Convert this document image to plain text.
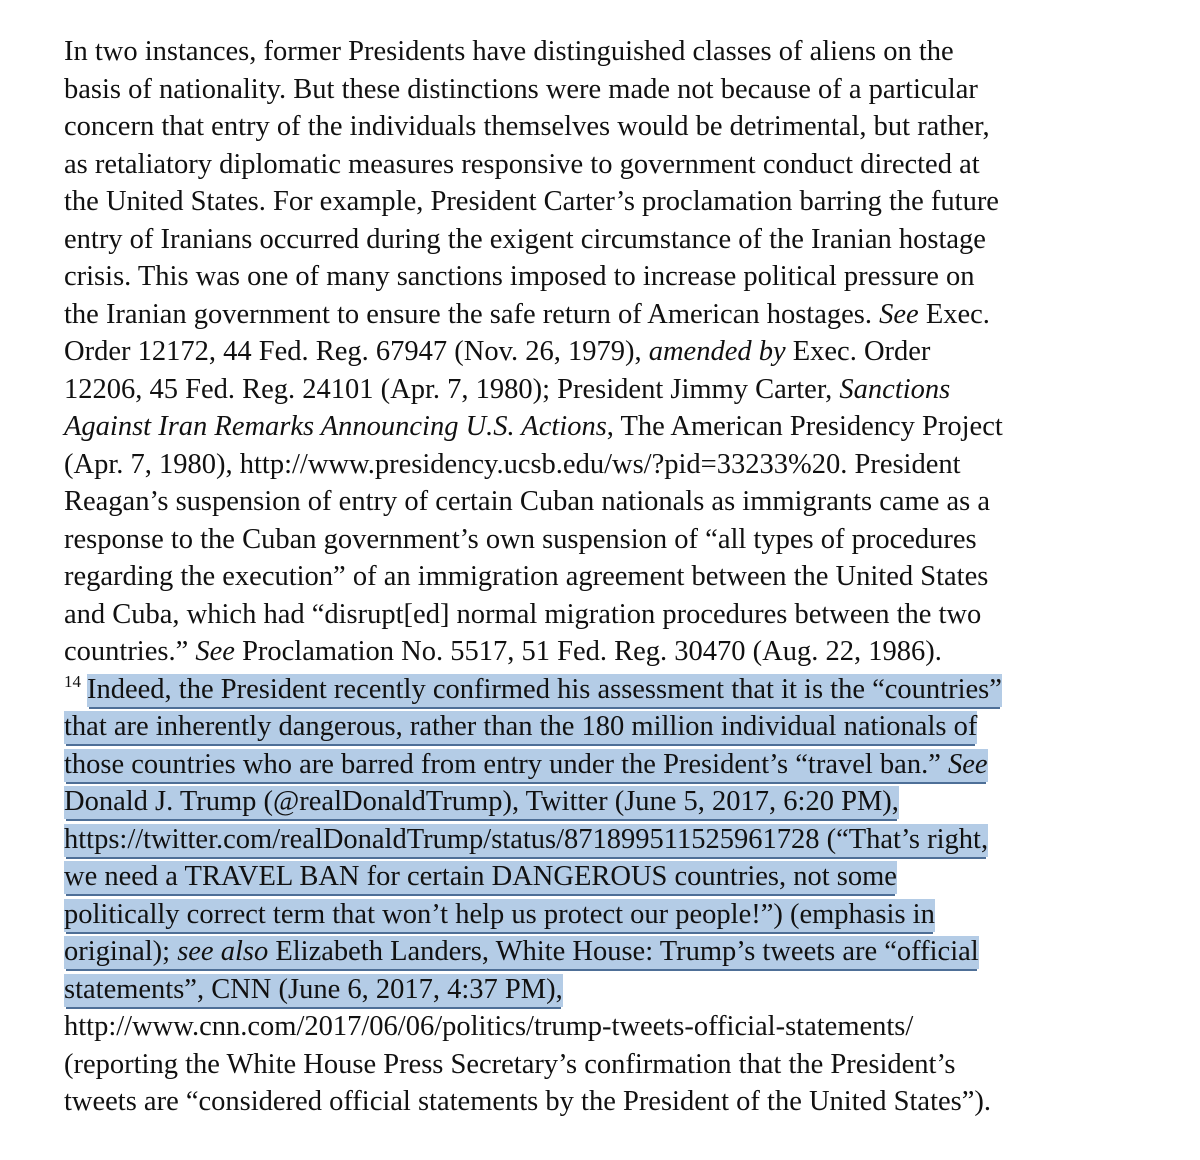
In two instances, former Presidents have distinguished classes of aliens on the
basis of nationality. But these distinctions were made not because of a particular
concern that entry of the individuals themselves would be detrimental, but rather,
as retaliatory diplomatic measures responsive to government conduct directed at
the United States. For example, President Carter’s proclamation barring the future
entry of Iranians occurred during the exigent circumstance of the Iranian hostage
crisis. This was one of many sanctions imposed to increase political pressure on
the Iranian government to ensure the safe return of American hostages. See Exec.
Order 12172, 44 Fed. Reg. 67947 (Nov. 26, 1979), amended by Exec. Order
12206, 45 Fed. Reg. 24101 (Apr. 7, 1980); President Jimmy Carter, Sanctions
Against Iran Remarks Announcing U.S. Actions, The American Presidency Project
(Apr. 7, 1980), http://www.presidency.ucsb.edu/ws/?pid=33233%20. President
Reagan’s suspension of entry of certain Cuban nationals as immigrants came as a
response to the Cuban government’s own suspension of “all types of procedures
regarding the execution” of an immigration agreement between the United States
and Cuba, which had “disrupt[ed] normal migration procedures between the two
countries.” See Proclamation No. 5517, 51 Fed. Reg. 30470 (Aug. 22, 1986).
$^{14}$ Indeed, the President recently confirmed his assessment that it is the “countries”
that are inherently dangerous, rather than the 180 million individual nationals of
those countries who are barred from entry under the President’s “travel ban.” See
Donald J. Trump (@realDonaldTrump), Twitter (June 5, 2017, 6:20 PM),
https://twitter.com/realDonaldTrump/status/871899511525961728 (“That’s right,
we need a TRAVEL BAN for certain DANGEROUS countries, not some
politically correct term that won’t help us protect our people!”) (emphasis in
original); see also Elizabeth Landers, White House: Trump’s tweets are “official
statements”, CNN (June 6, 2017, 4:37 PM),
http://www.cnn.com/2017/06/06/politics/trump-tweets-official-statements/
(reporting the White House Press Secretary’s confirmation that the President’s
tweets are “considered official statements by the President of the United States”).
